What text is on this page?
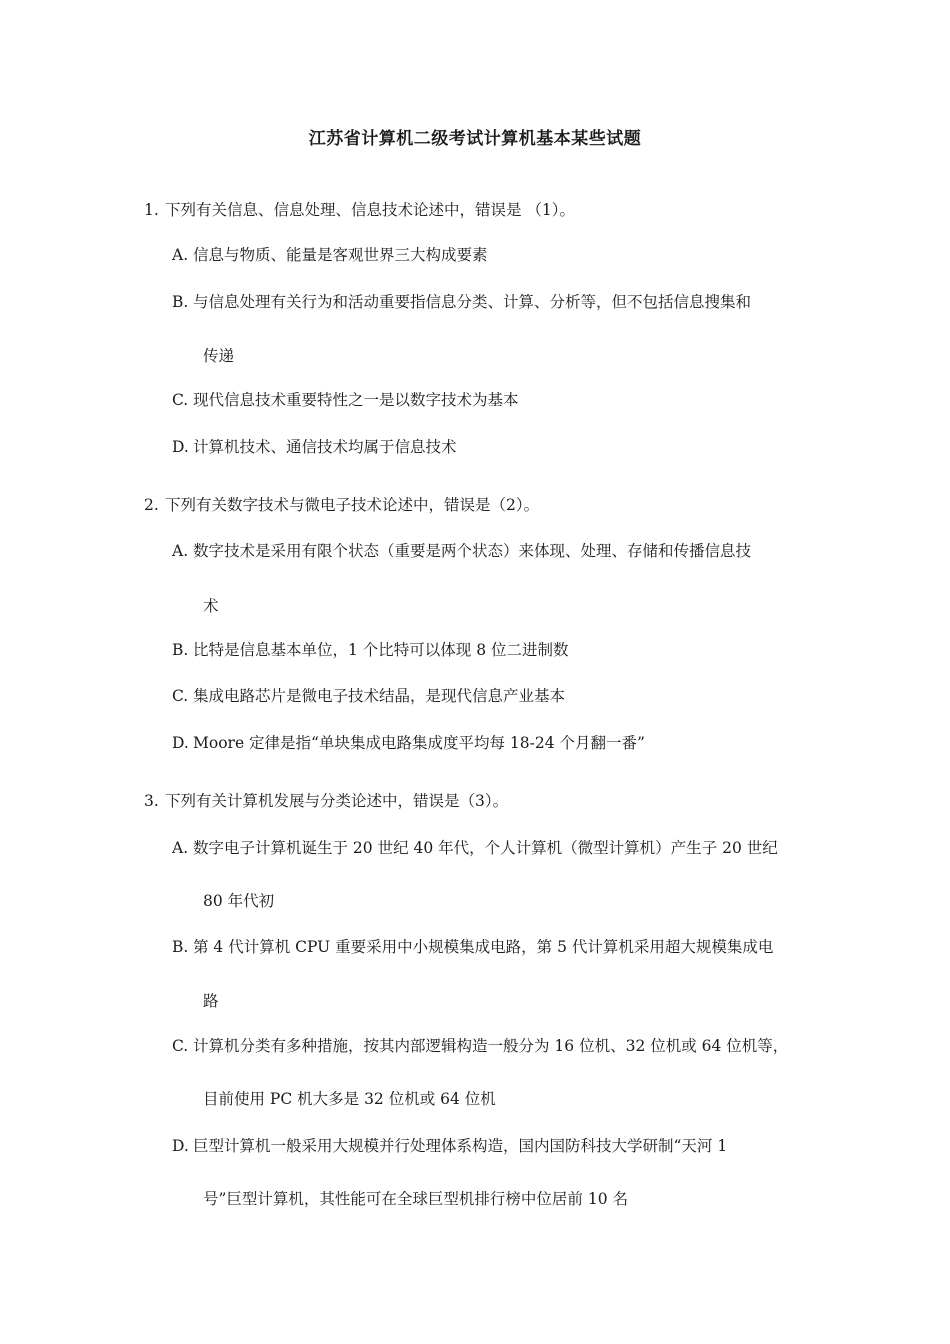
江苏省计算机二级考试计算机基本某些试题
1. 下列有关信息、信息处理、信息技术论述中，错误是 （1）。
A. 信息与物质、能量是客观世界三大构成要素
B. 与信息处理有关行为和活动重要指信息分类、计算、分析等，但不包括信息搜集和
传递
C. 现代信息技术重要特性之一是以数字技术为基本
D. 计算机技术、通信技术均属于信息技术
2. 下列有关数字技术与微电子技术论述中，错误是（2）。
A. 数字技术是采用有限个状态（重要是两个状态）来体现、处理、存储和传播信息技
术
B. 比特是信息基本单位，1 个比特可以体现 8 位二进制数
C. 集成电路芯片是微电子技术结晶，是现代信息产业基本
D. Moore 定律是指“单块集成电路集成度平均每 18-24 个月翻一番”
3. 下列有关计算机发展与分类论述中，错误是（3）。
A. 数字电子计算机诞生于 20 世纪 40 年代，个人计算机（微型计算机）产生子 20 世纪
80 年代初
B. 第 4 代计算机 CPU 重要采用中小规模集成电路，第 5 代计算机采用超大规模集成电
路
C. 计算机分类有多种措施，按其内部逻辑构造一般分为 16 位机、32 位机或 64 位机等，
目前使用 PC 机大多是 32 位机或 64 位机
D. 巨型计算机一般采用大规模并行处理体系构造，国内国防科技大学研制“天河 1
号”巨型计算机，其性能可在全球巨型机排行榜中位居前 10 名
